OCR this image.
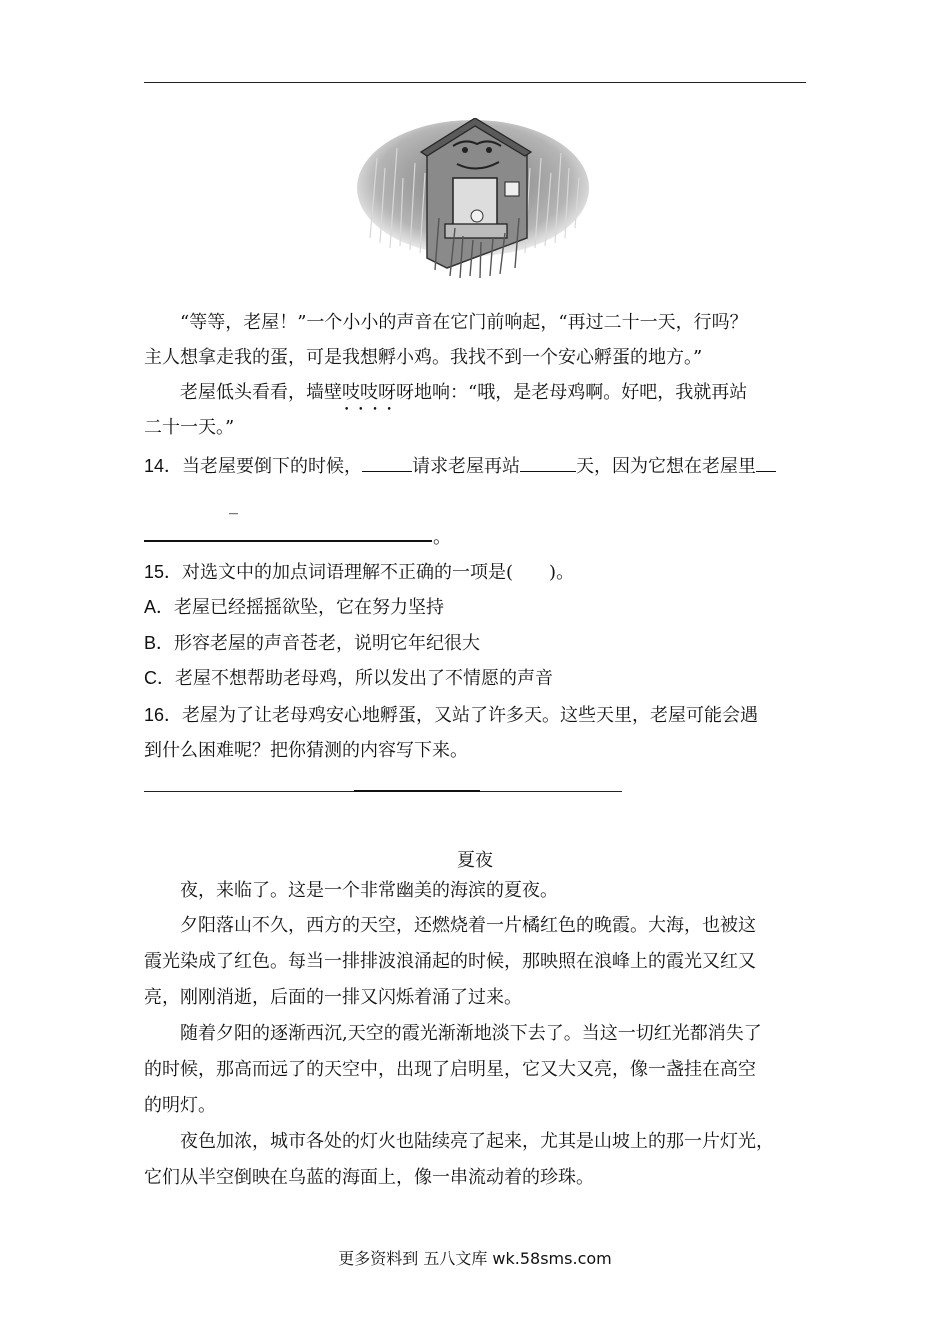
“等等，老屋！”一个小小的声音在它门前响起，“再过二十一天，行吗？
主人想拿走我的蛋，可是我想孵小鸡。我找不到一个安心孵蛋的地方。”
老屋低头看看，墙壁吱吱呀呀 • • • •地响：“哦，是老母鸡啊。好吧，我就再站
二十一天。”
14．当老屋要倒下的时候，	请求老屋再站	天，因为它想在老屋里
_
。
15．对选文中的加点词语理解不正确的一项是(　　)。
A．老屋已经摇摇欲坠，它在努力坚持
B．形容老屋的声音苍老，说明它年纪很大
C．老屋不想帮助老母鸡，所以发出了不情愿的声音
16．老屋为了让老母鸡安心地孵蛋，又站了许多天。这些天里，老屋可能会遇
到什么困难呢？把你猜测的内容写下来。
夏夜
夜，来临了。这是一个非常幽美的海滨的夏夜。
夕阳落山不久，西方的天空，还燃烧着一片橘红色的晚霞。大海，也被这
霞光染成了红色。每当一排排波浪涌起的时候，那映照在浪峰上的霞光又红又
亮，刚刚消逝，后面的一排又闪烁着涌了过来。
随着夕阳的逐渐西沉,天空的霞光渐渐地淡下去了。当这一切红光都消失了
的时候，那高而远了的天空中，出现了启明星，它又大又亮，像一盏挂在高空
的明灯。
夜色加浓，城市各处的灯火也陆续亮了起来，尤其是山坡上的那一片灯光，
它们从半空倒映在乌蓝的海面上，像一串流动着的珍珠。
更多资料到 五八文库 wk.58sms.com
